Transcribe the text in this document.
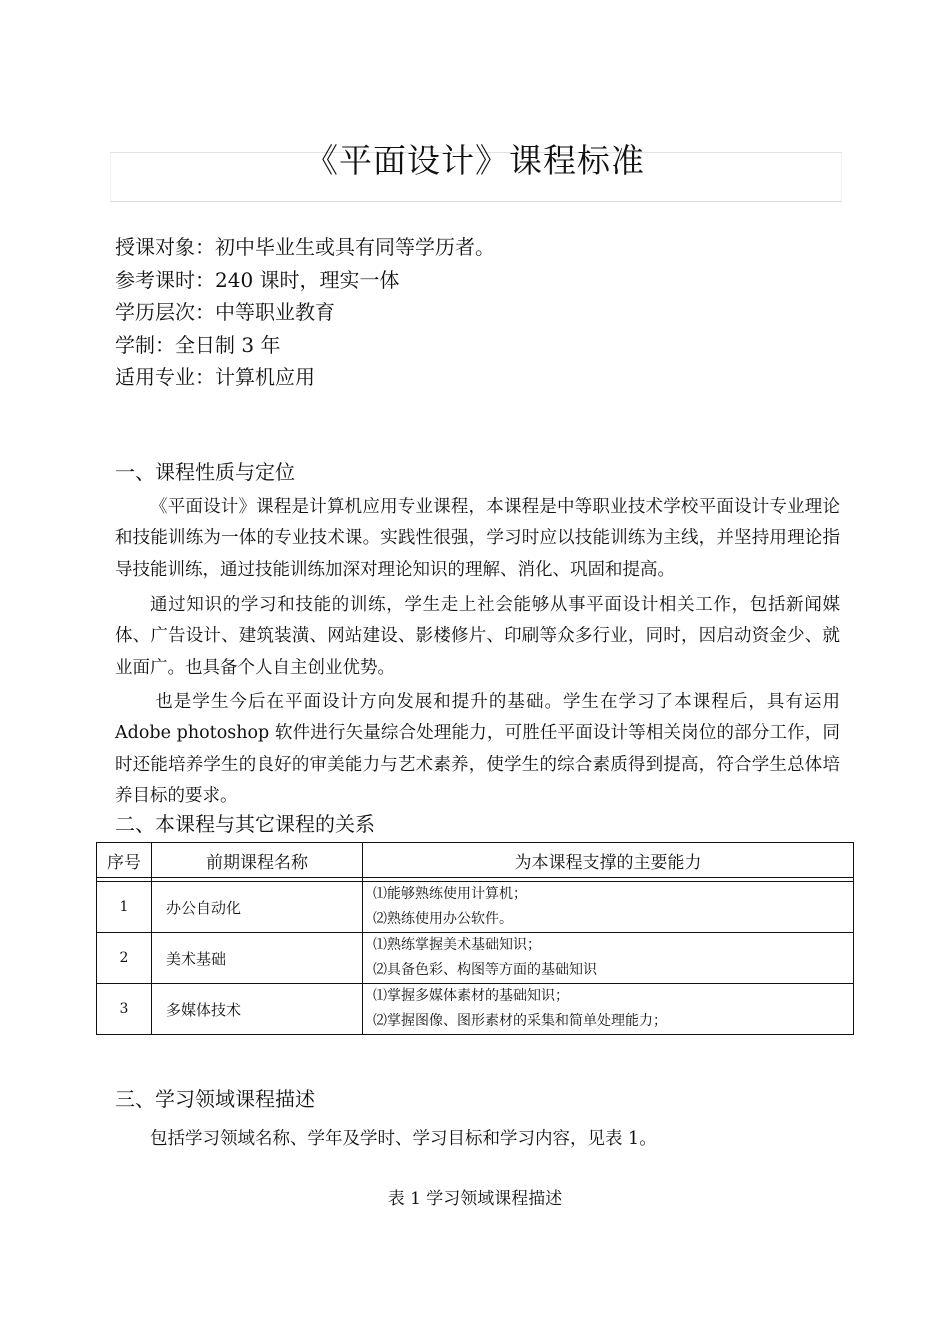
《平面设计》课程标准
授课对象：初中毕业生或具有同等学历者。
参考课时：240 课时，理实一体
学历层次：中等职业教育
学制：全日制 3 年
适用专业：计算机应用
一、课程性质与定位
《平面设计》课程是计算机应用专业课程，本课程是中等职业技术学校平面设计专业理论和技能训练为一体的专业技术课。实践性很强，学习时应以技能训练为主线，并坚持用理论指导技能训练，通过技能训练加深对理论知识的理解、消化、巩固和提高。
通过知识的学习和技能的训练，学生走上社会能够从事平面设计相关工作，包括新闻媒体、广告设计、建筑装潢、网站建设、影楼修片、印刷等众多行业，同时，因启动资金少、就业面广。也具备个人自主创业优势。
也是学生今后在平面设计方向发展和提升的基础。学生在学习了本课程后，具有运用 Adobe photoshop 软件进行矢量综合处理能力，可胜任平面设计等相关岗位的部分工作，同时还能培养学生的良好的审美能力与艺术素养，使学生的综合素质得到提高，符合学生总体培养目标的要求。
二、本课程与其它课程的关系
序号	前期课程名称	为本课程支撑的主要能力

1	办公自动化	⑴能够熟练使用计算机；
⑵熟练使用办公软件。

2	美术基础	⑴熟练掌握美术基础知识；
⑵具备色彩、构图等方面的基础知识

3	多媒体技术	⑴掌握多媒体素材的基础知识；
⑵掌握图像、图形素材的采集和简单处理能力；
三、学习领域课程描述
包括学习领域名称、学年及学时、学习目标和学习内容，见表 1。
表 1 学习领域课程描述
